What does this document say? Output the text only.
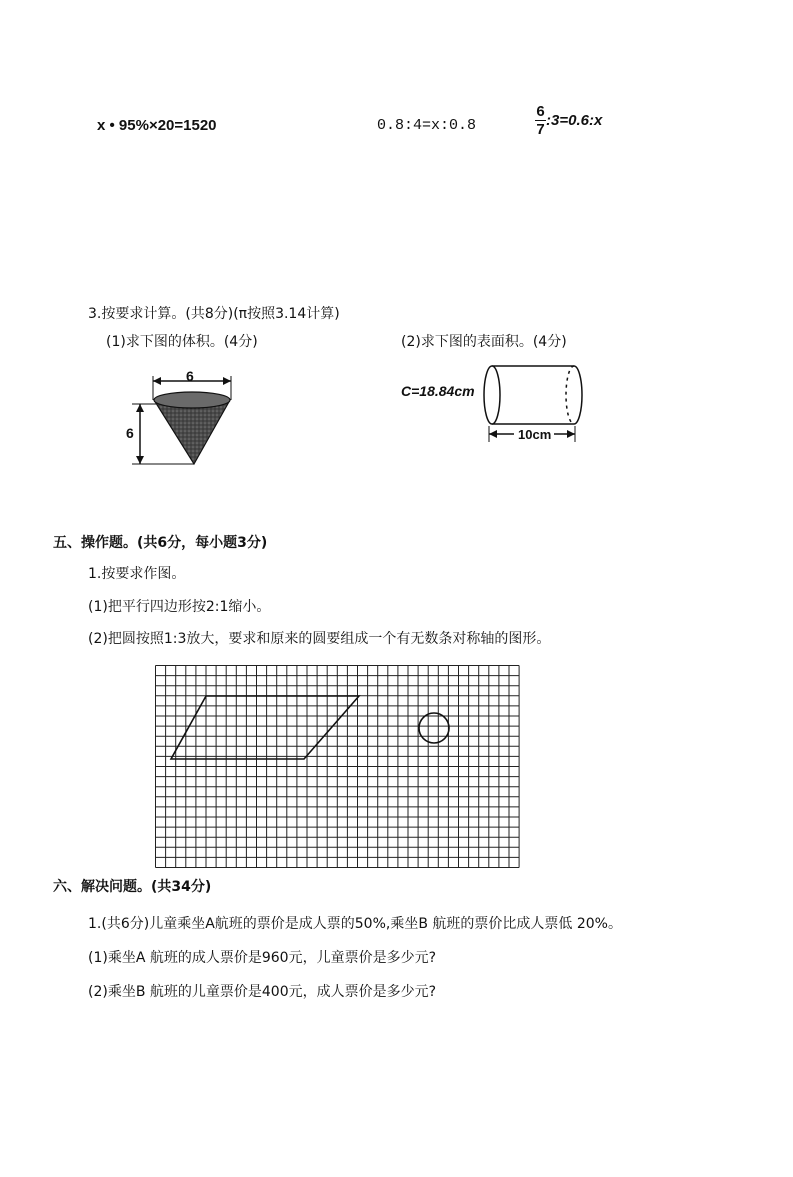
x • 95%×20=1520	0.8:4=x:0.8	$\frac{6}{7}$ :3=0.6:x
3.按要求计算。(共8分)(π按照3.14计算)
(1)求下图的体积。(4分)	(2)求下图的表面积。(4分)
6
6
C=18.84cm
10cm
五、操作题。(共6分，每小题3分)
1.按要求作图。
(1)把平行四边形按2:1缩小。
(2)把圆按照1:3放大，要求和原来的圆要组成一个有无数条对称轴的图形。
六、解决问题。(共34分)
1.(共6分)儿童乘坐A航班的票价是成人票的50%,乘坐B 航班的票价比成人票低 20%。
(1)乘坐A 航班的成人票价是960元，儿童票价是多少元?
(2)乘坐B 航班的儿童票价是400元，成人票价是多少元?
